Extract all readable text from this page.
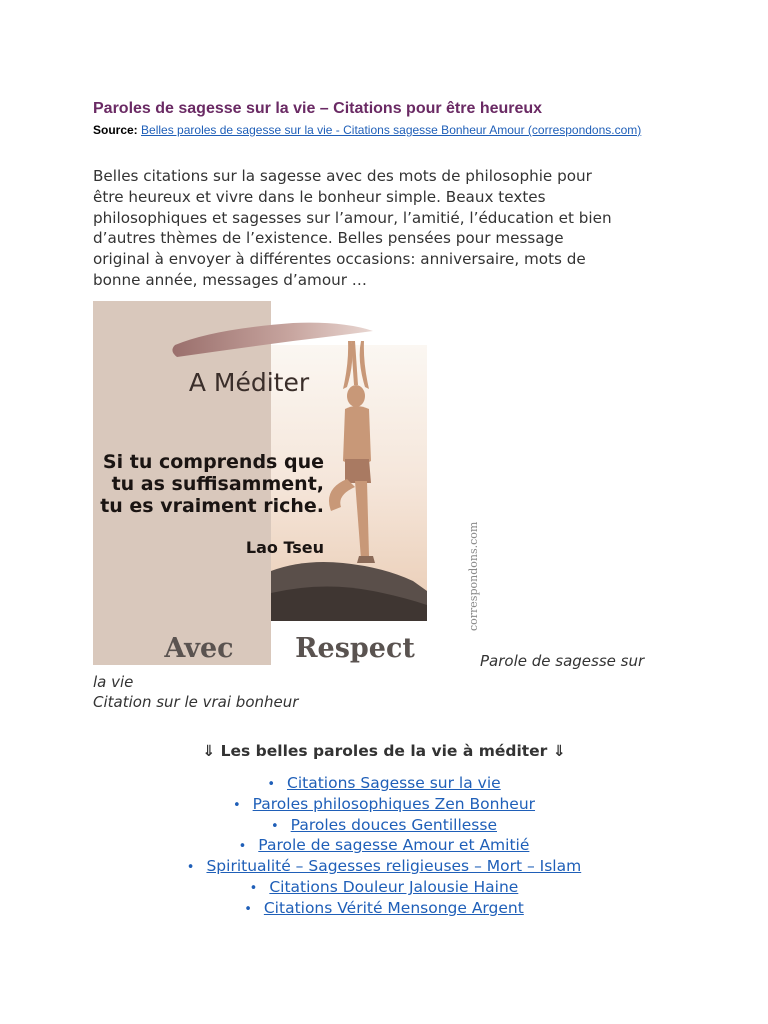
Paroles de sagesse sur la vie – Citations pour être heureux
Source: Belles paroles de sagesse sur la vie - Citations sagesse Bonheur Amour (correspondons.com)
Belles citations sur la sagesse avec des mots de philosophie pour
être heureux et vivre dans le bonheur simple. Beaux textes
philosophiques et sagesses sur l’amour, l’amitié, l’éducation et bien
d’autres thèmes de l’existence. Belles pensées pour message
original à envoyer à différentes occasions: anniversaire, mots de
bonne année, messages d’amour …
A Méditer
Si tu comprends que
tu as suffisamment,
tu es vraiment riche.
Lao Tseu	correspondons.com
Avec Respect	Parole de sagesse sur
la vie
Citation sur le vrai bonheur
⇓ Les belles paroles de la vie à méditer ⇓
• Citations Sagesse sur la vie
• Paroles philosophiques Zen Bonheur
• Paroles douces Gentillesse
• Parole de sagesse Amour et Amitié
• Spiritualité – Sagesses religieuses – Mort – Islam
• Citations Douleur Jalousie Haine
• Citations Vérité Mensonge Argent
